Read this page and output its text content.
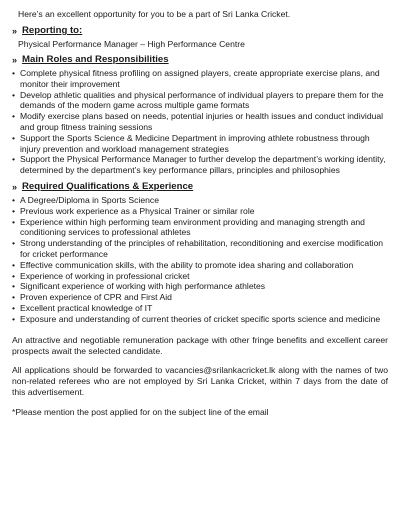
Here’s an excellent opportunity for you to be a part of Sri Lanka Cricket.

» Reporting to:

Physical Performance Manager – High Performance Centre

» Main Roles and Responsibilities
• Complete physical fitness profiling on assigned players, create appropriate exercise plans, and monitor their improvement
• Develop athletic qualities and physical performance of individual players to prepare them for the demands of the modern game across multiple game formats
• Modify exercise plans based on needs, potential injuries or health issues and conduct individual and group fitness training sessions
• Support the Sports Science & Medicine Department in improving athlete robustness through injury prevention and workload management strategies
• Support the Physical Performance Manager to further develop the department’s working identity, determined by the department’s key performance pillars, principles and philosophies
» Required Qualifications & Experience
• A Degree/Diploma in Sports Science
• Previous work experience as a Physical Trainer or similar role
• Experience within high performing team environment providing and managing strength and conditioning services to professional athletes
• Strong understanding of the principles of rehabilitation, reconditioning and exercise modification for cricket performance
• Effective communication skills, with the ability to promote idea sharing and collaboration
• Experience of working in professional cricket
• Significant experience of working with high performance athletes
• Proven experience of CPR and First Aid
• Excellent practical knowledge of IT
• Exposure and understanding of current theories of cricket specific sports science and medicine

An attractive and negotiable remuneration package with other fringe benefits and excellent career prospects await the selected candidate.

All applications should be forwarded to vacancies@srilankacricket.lk along with the names of two non-related referees who are not employed by Sri Lanka Cricket, within 7 days from the date of this advertisement.

*Please mention the post applied for on the subject line of the email
